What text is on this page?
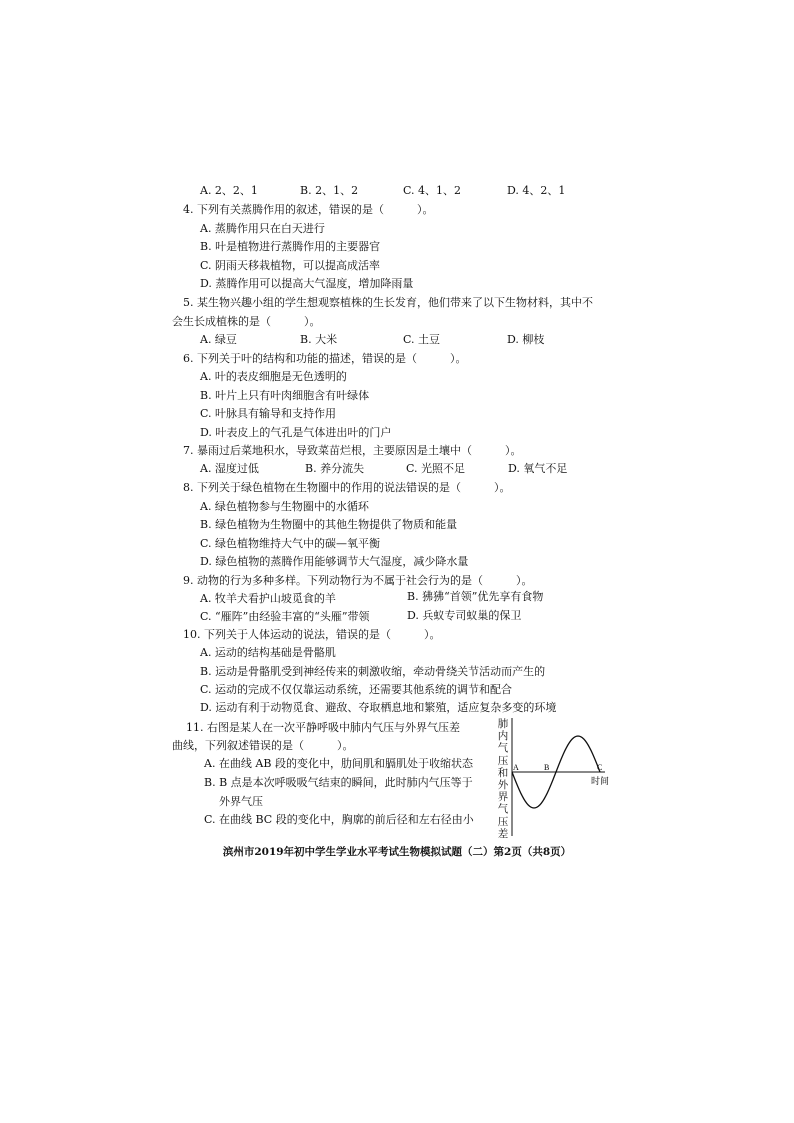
A. 2、2、1	B. 2、1、2	C. 4、1、2	D. 4、2、1
4. 下列有关蒸腾作用的叙述，错误的是（　　　）。
A. 蒸腾作用只在白天进行
B. 叶是植物进行蒸腾作用的主要器官
C. 阴雨天移栽植物，可以提高成活率
D. 蒸腾作用可以提高大气湿度，增加降雨量
5. 某生物兴趣小组的学生想观察植株的生长发育，他们带来了以下生物材料，其中不
会生长成植株的是（　　　）。
A. 绿豆	B. 大米	C. 土豆	D. 柳枝
6. 下列关于叶的结构和功能的描述，错误的是（　　　）。
A. 叶的表皮细胞是无色透明的
B. 叶片上只有叶肉细胞含有叶绿体
C. 叶脉具有输导和支持作用
D. 叶表皮上的气孔是气体进出叶的门户
7. 暴雨过后菜地积水，导致菜苗烂根，主要原因是土壤中（　　　）。
A. 湿度过低	B. 养分流失	C. 光照不足	D. 氧气不足
8. 下列关于绿色植物在生物圈中的作用的说法错误的是（　　　）。
A. 绿色植物参与生物圈中的水循环
B. 绿色植物为生物圈中的其他生物提供了物质和能量
C. 绿色植物维持大气中的碳—氧平衡
D. 绿色植物的蒸腾作用能够调节大气湿度，减少降水量
9. 动物的行为多种多样。下列动物行为不属于社会行为的是（　　　）。
A. 牧羊犬看护山坡觅食的羊	B. 狒狒“首领”优先享有食物
C. “雁阵”由经验丰富的“头雁”带领	D. 兵蚁专司蚁巢的保卫
10. 下列关于人体运动的说法，错误的是（　　　）。
A. 运动的结构基础是骨骼肌
B. 运动是骨骼肌受到神经传来的刺激收缩，牵动骨绕关节活动而产生的
C. 运动的完成不仅仅靠运动系统，还需要其他系统的调节和配合
D. 运动有利于动物觅食、避敌、夺取栖息地和繁殖，适应复杂多变的环境
11. 右图是某人在一次平静呼吸中肺内气压与外界气压差
曲线，下列叙述错误的是（　　　）。
A. 在曲线 AB 段的变化中，肋间肌和膈肌处于收缩状态
B. B 点是本次呼吸吸气结束的瞬间，此时肺内气压等于
外界气压
C. 在曲线 BC 段的变化中，胸廓的前后径和左右径由小
肺内气压和外界气压差
A	B	C
时间
滨州市2019年初中学生学业水平考试生物模拟试题（二）第2页（共8页）
